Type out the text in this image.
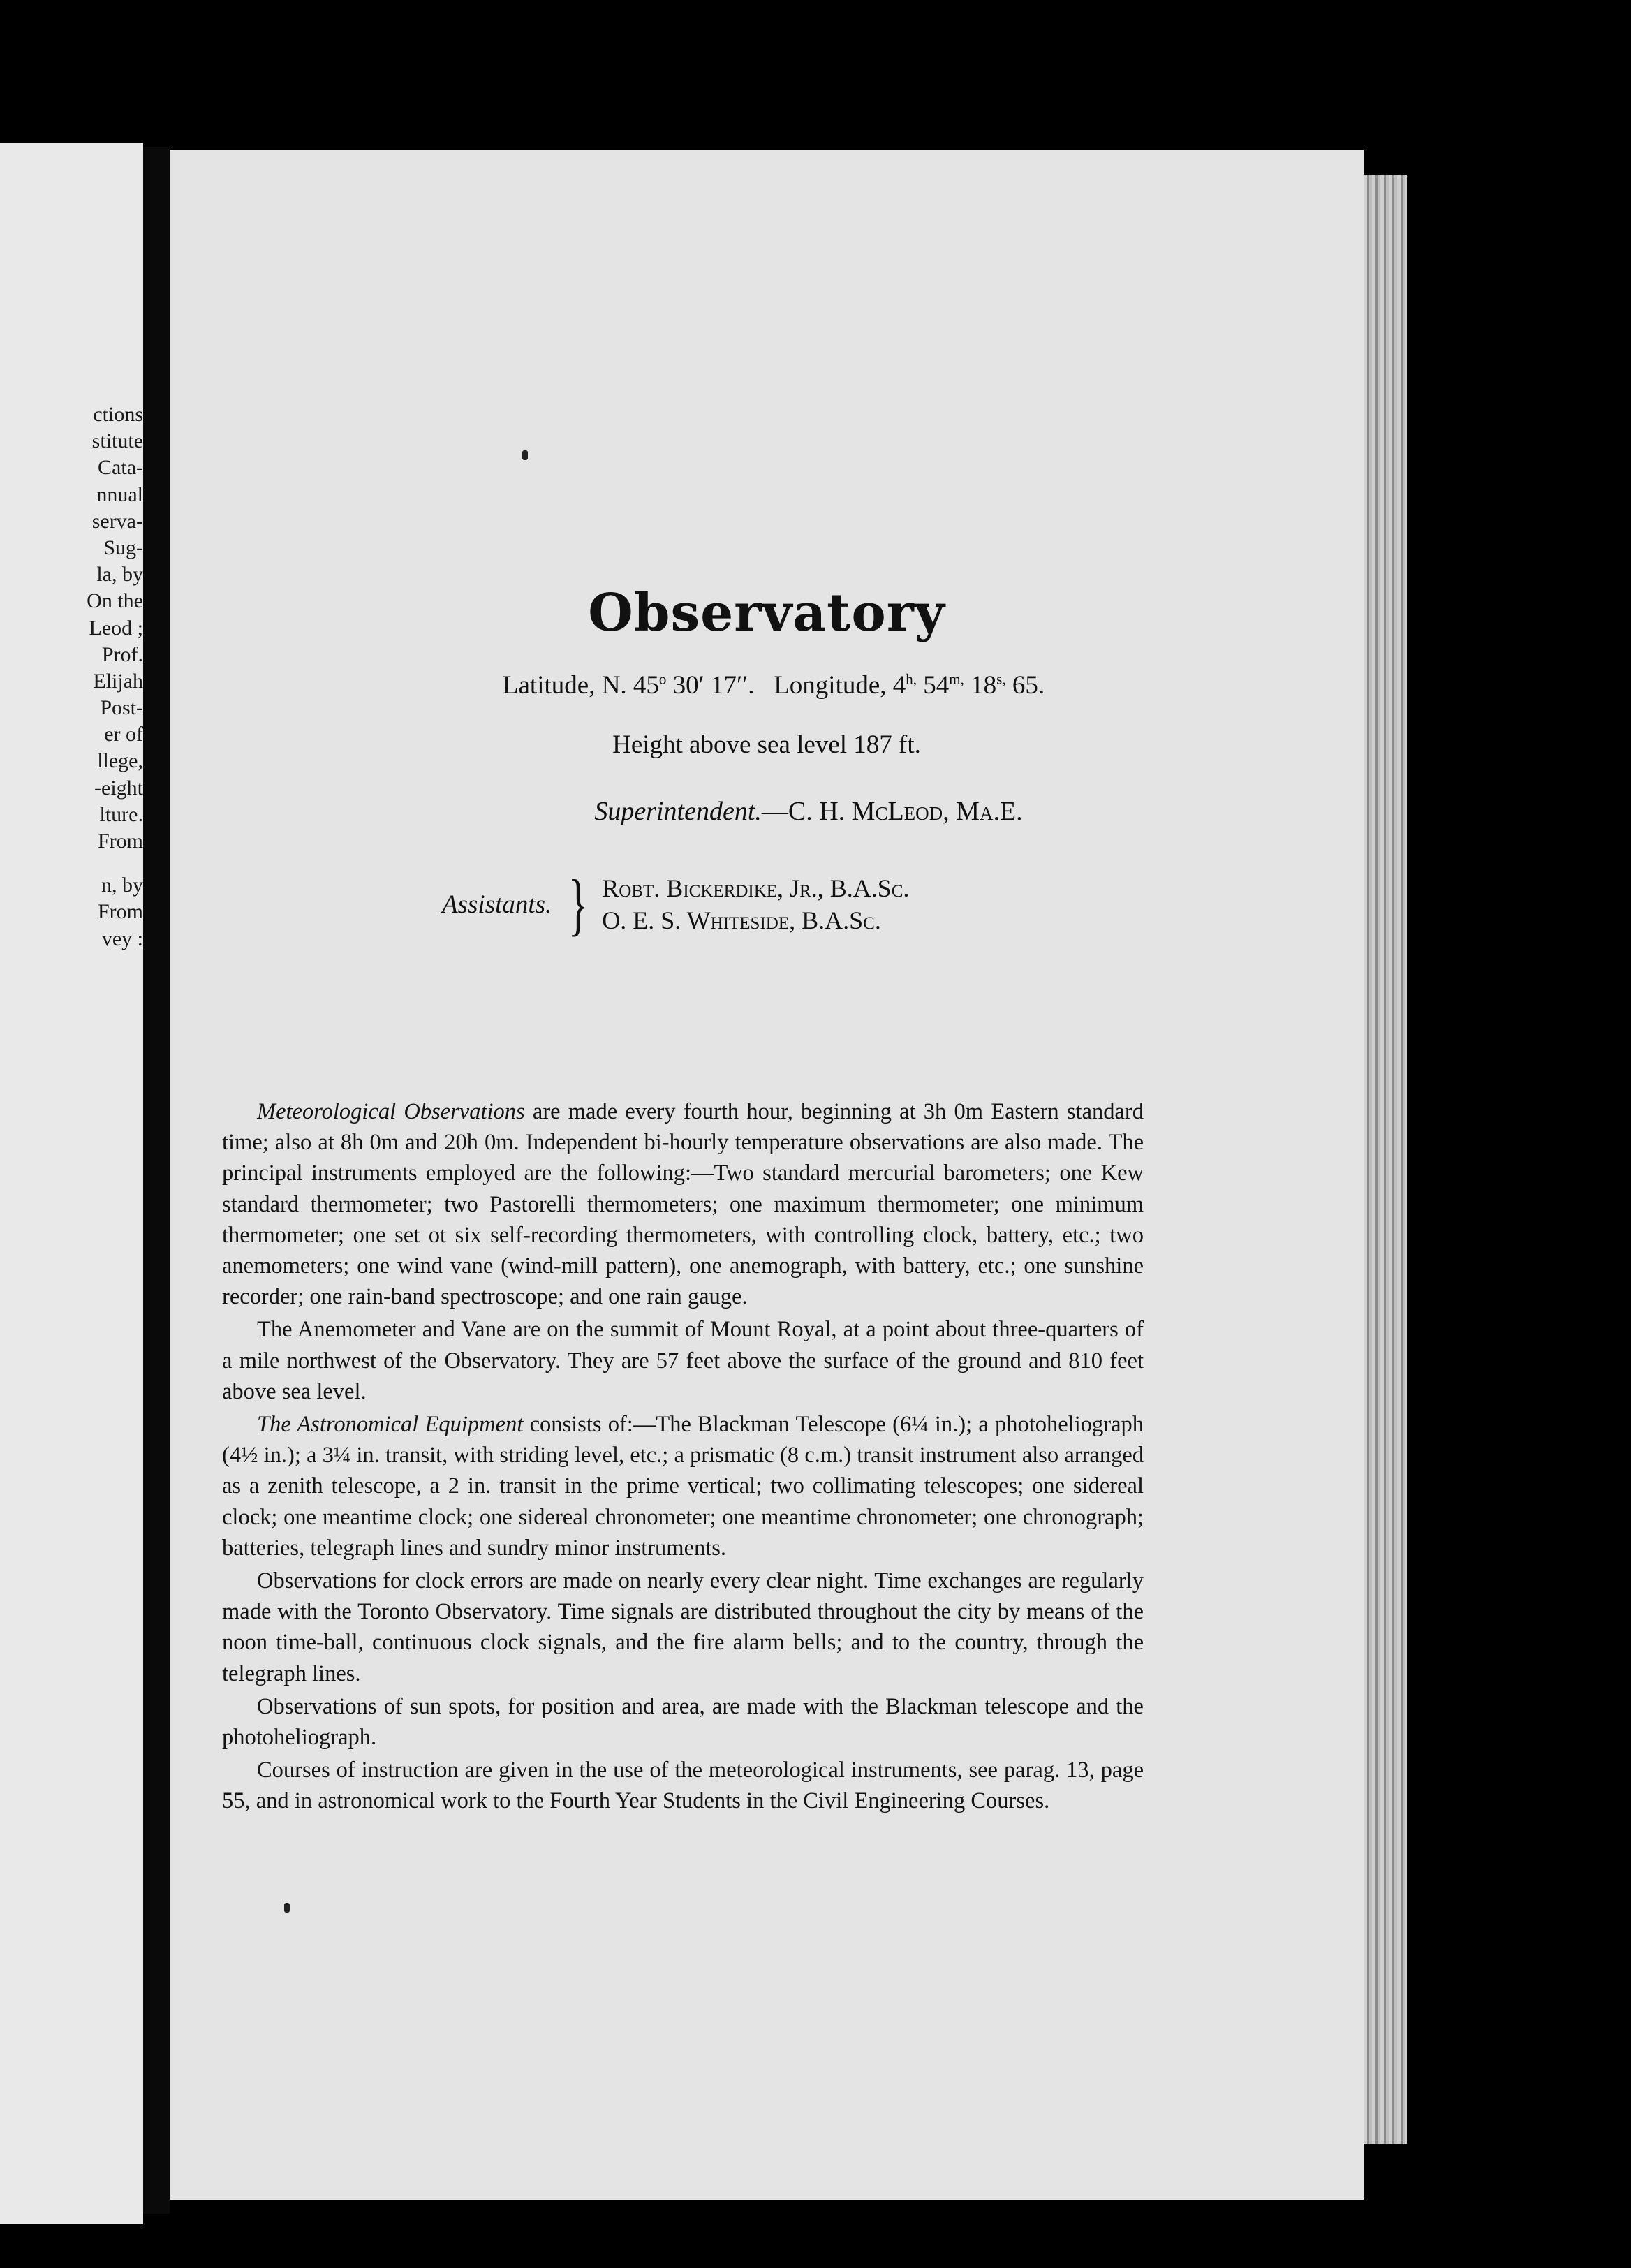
ctions
stitute
Cata-
nnual
serva-
Sug-
la, by
On the
Leod ;
Prof.
Elijah
Post-
er of
llege,
-eight
lture.
From
n, by
From
vey :
Observatory
Latitude, N. 45$^o$ 30′ 17′′. Longitude, $4^{h,}$ $54^{m,}$ $18^{s,}$ 65.
Height above sea level 187 ft.
Superintendent.—C. H. McLeod, Ma.E.
Assistants. } Robt. Bickerdike, Jr., B.A.Sc.
O. E. S. Whiteside, B.A.Sc.

Meteorological Observations are made every fourth hour, beginning at 3h 0m Eastern standard time; also at 8h 0m and 20h 0m. Independent bi-hourly temperature observations are also made. The principal instruments employed are the following:—Two standard mercurial barometers; one Kew standard thermometer; two Pastorelli thermometers; one maximum thermometer; one minimum thermometer; one set ot six self-recording thermometers, with controlling clock, battery, etc.; two anemometers; one wind vane (wind-mill pattern), one anemograph, with battery, etc.; one sunshine recorder; one rain-band spectroscope; and one rain gauge.

The Anemometer and Vane are on the summit of Mount Royal, at a point about three-quarters of a mile northwest of the Observatory. They are 57 feet above the surface of the ground and 810 feet above sea level.

The Astronomical Equipment consists of:—The Blackman Telescope (6¼ in.); a photoheliograph (4½ in.); a 3¼ in. transit, with striding level, etc.; a prismatic (8 c.m.) transit instrument also arranged as a zenith telescope, a 2 in. transit in the prime vertical; two collimating telescopes; one sidereal clock; one meantime clock; one sidereal chronometer; one meantime chronometer; one chronograph; batteries, telegraph lines and sundry minor instruments.

Observations for clock errors are made on nearly every clear night. Time exchanges are regularly made with the Toronto Observatory. Time signals are distributed throughout the city by means of the noon time-ball, continuous clock signals, and the fire alarm bells; and to the country, through the telegraph lines.

Observations of sun spots, for position and area, are made with the Blackman telescope and the photoheliograph.

Courses of instruction are given in the use of the meteorological instruments, see parag. 13, page 55, and in astronomical work to the Fourth Year Students in the Civil Engineering Courses.
